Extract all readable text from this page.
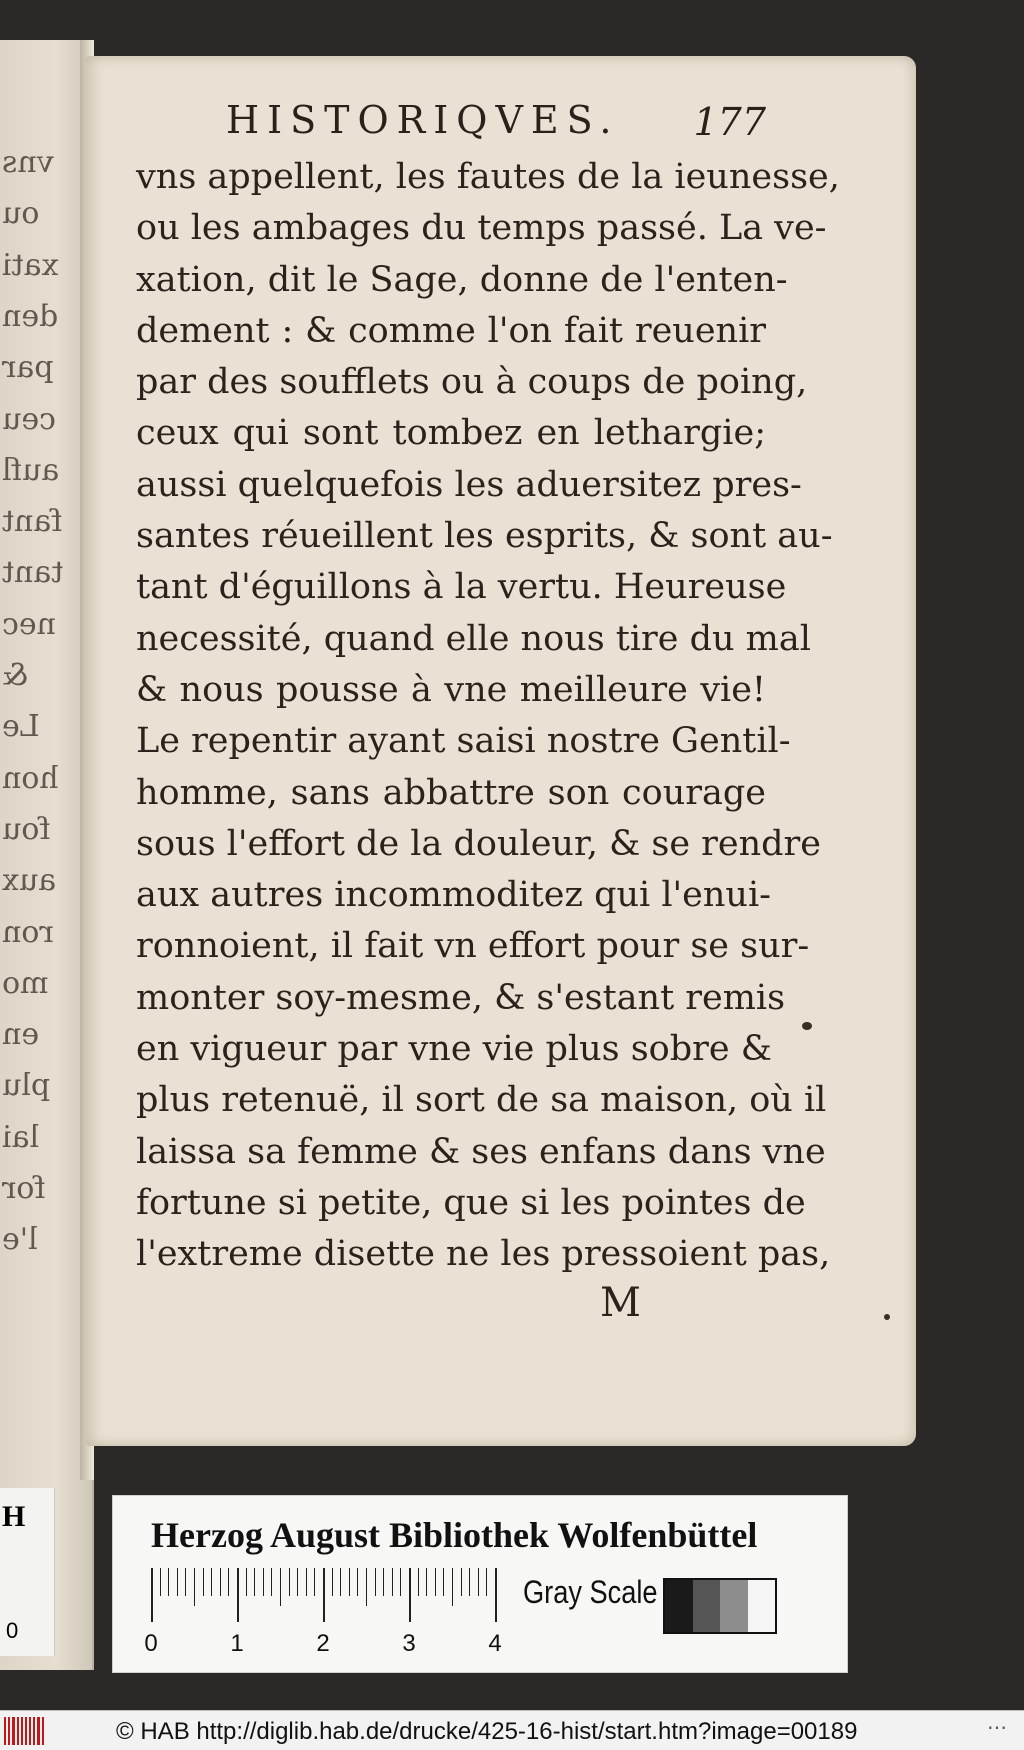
vns
ou
xati
den
par
ceu
aufl
fant
tant
nec
&
Le
hon
fou
aux
ron
mo
en
plu
lai
for
l'e
HISTORIQVES. 177
vns appellent, les fautes de la ieunesse,
ou les ambages du temps passé. La ve-
xation, dit le Sage, donne de l'enten-
dement : & comme l'on fait reuenir
par des soufflets ou à coups de poing,
ceux qui sont tombez en lethargie;
aussi quelquefois les aduersitez pres-
santes réueillent les esprits, & sont au-
tant d'éguillons à la vertu. Heureuse
necessité, quand elle nous tire du mal
& nous pousse à vne meilleure vie!
Le repentir ayant saisi nostre Gentil-
homme, sans abbattre son courage
sous l'effort de la douleur, & se rendre
aux autres incommoditez qui l'enui-
ronnoient, il fait vn effort pour se sur-
monter soy-mesme, & s'estant remis
en vigueur par vne vie plus sobre &
plus retenuë, il sort de sa maison, où il
laissa sa femme & ses enfans dans vne
fortune si petite, que si les pointes de
l'extreme disette ne les pressoient pas,
M
H
0
Herzog August Bibliothek Wolfenbüttel
0	1	2	3	4
Gray Scale
© HAB http://diglib.hab.de/drucke/425-16-hist/start.htm?image=00189	⋯
